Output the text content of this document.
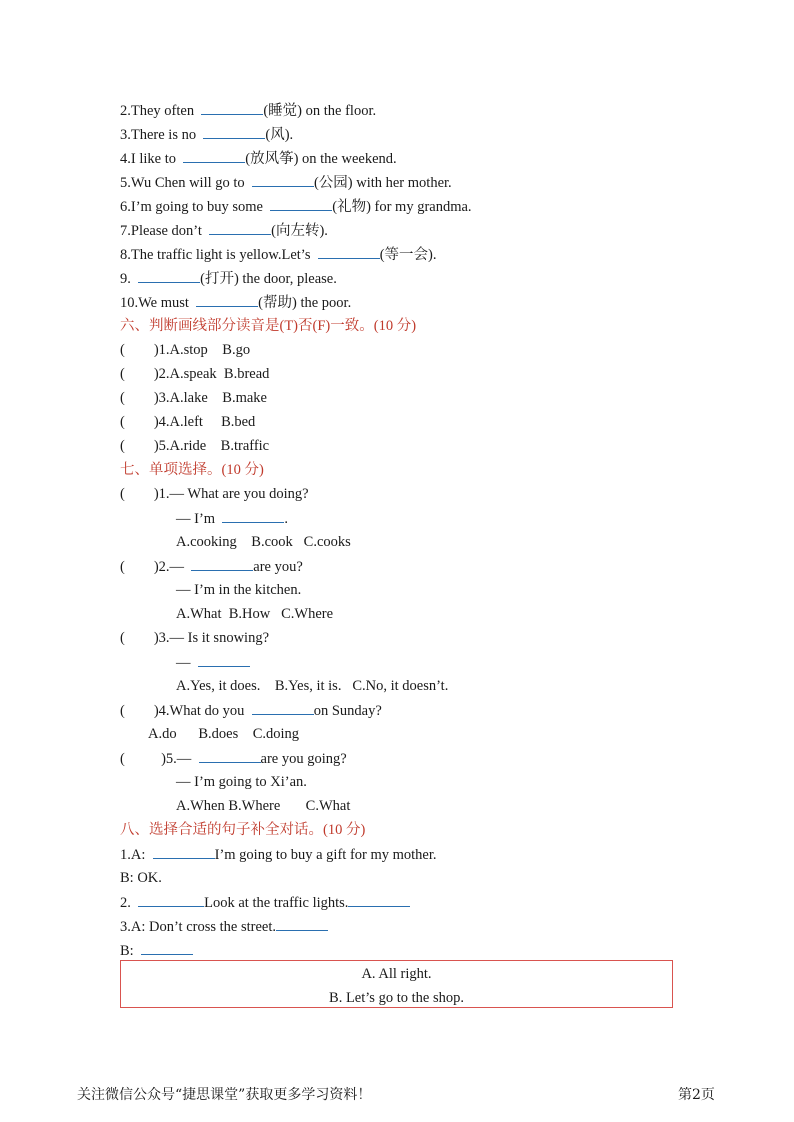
2.They often	(睡觉) on the floor.
3.There is no	(风).
4.I like to	(放风筝) on the weekend.
5.Wu Chen will go to	(公园) with her mother.
6.I’m going to buy some	(礼物) for my grandma.
7.Please don’t	(向左转).
8.The traffic light is yellow.Let’s	(等一会).
9.	(打开) the door, please.
10.We must	(帮助) the poor.
六、判断画线部分读音是(T)否(F)一致。(10 分)
(        )1.A.stop    B.go
(        )2.A.speak  B.bread
(        )3.A.lake    B.make
(        )4.A.left     B.bed
(        )5.A.ride    B.traffic
七、单项选择。(10 分)
(        )1.— What are you doing?
— I’m	.
A.cooking    B.cook   C.cooks
(        )2.—	are you?
— I’m in the kitchen.
A.What  B.How   C.Where
(        )3.— Is it snowing?
—
A.Yes, it does.    B.Yes, it is.   C.No, it doesn’t.
(        )4.What do you	on Sunday?
A.do      B.does    C.doing
(          )5.—	are you going?
— I’m going to Xi’an.
A.When B.Where       C.What
八、选择合适的句子补全对话。(10 分)
1.A:	I’m going to buy a gift for my mother.
B: OK.
2.	Look at the traffic lights.
3.A: Don’t cross the street.
B:
A. All right.
B. Let’s go to the shop.
关注微信公众号“捷思课堂”获取更多学习资料！	第2页
